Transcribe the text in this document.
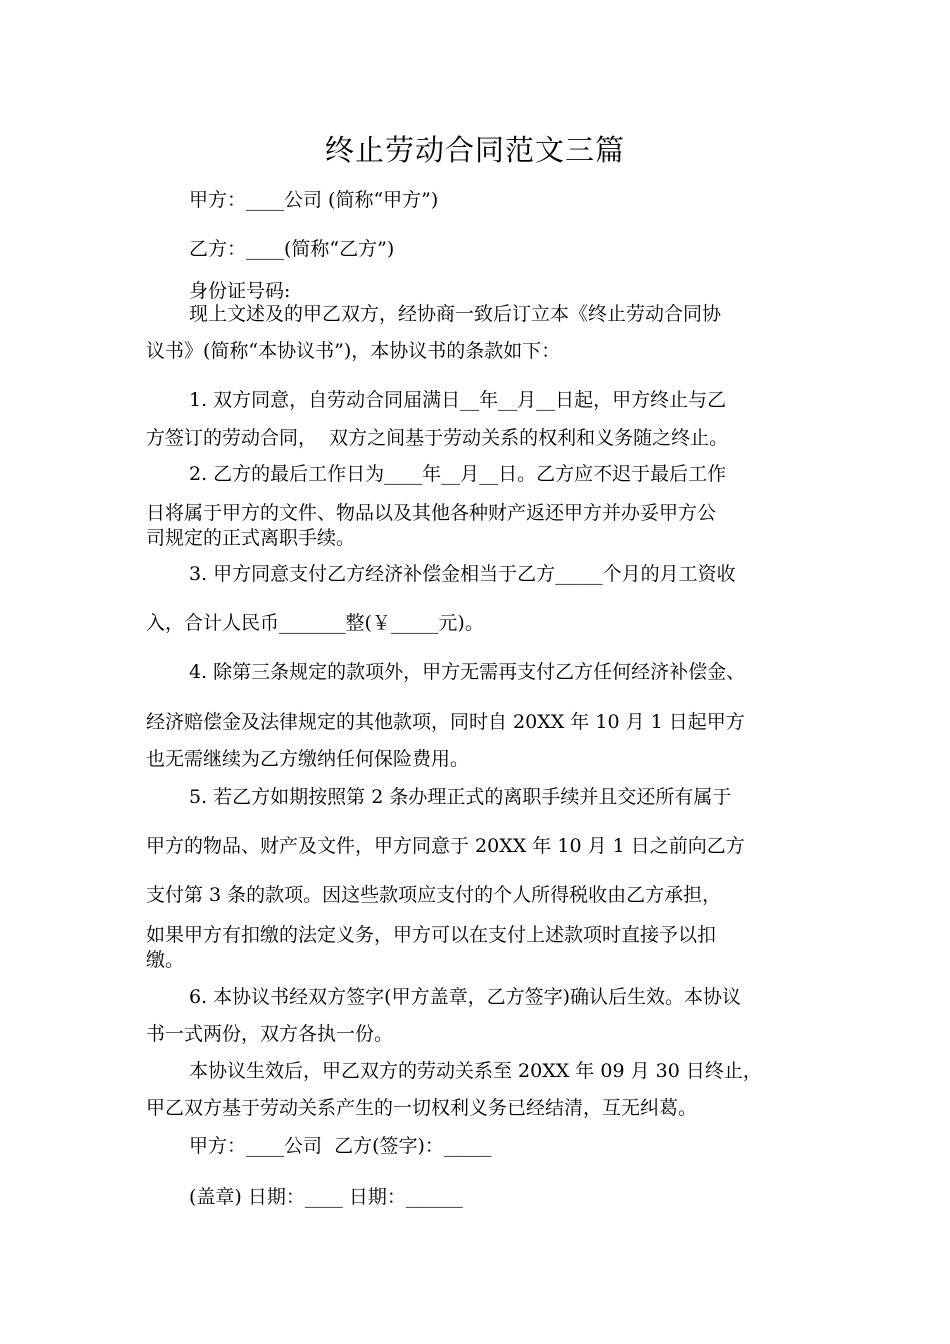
终止劳动合同范文三篇
甲方：____公司 (简称“甲方”)
乙方：____(简称“乙方”)
身份证号码:
现上文述及的甲乙双方，经协商一致后订立本《终止劳动合同协
议书》(简称“本协议书”)，本协议书的条款如下：
1. 双方同意，自劳动合同届满日__年__月__日起，甲方终止与乙
方签订的劳动合同，  双方之间基于劳动关系的权利和义务随之终止。
2. 乙方的最后工作日为____年__月__日。乙方应不迟于最后工作
日将属于甲方的文件、物品以及其他各种财产返还甲方并办妥甲方公
司规定的正式离职手续。
3. 甲方同意支付乙方经济补偿金相当于乙方_____个月的月工资收
入，合计人民币_______整(￥_____元)。
4. 除第三条规定的款项外，甲方无需再支付乙方任何经济补偿金、
经济赔偿金及法律规定的其他款项，同时自 20XX 年 10 月 1 日起甲方
也无需继续为乙方缴纳任何保险费用。
5. 若乙方如期按照第 2 条办理正式的离职手续并且交还所有属于
甲方的物品、财产及文件，甲方同意于 20XX 年 10 月 1 日之前向乙方
支付第 3 条的款项。因这些款项应支付的个人所得税收由乙方承担，
如果甲方有扣缴的法定义务，甲方可以在支付上述款项时直接予以扣
缴。
6. 本协议书经双方签字(甲方盖章，乙方签字)确认后生效。本协议
书一式两份，双方各执一份。
本协议生效后，甲乙双方的劳动关系至 20XX 年 09 月 30 日终止，
甲乙双方基于劳动关系产生的一切权利义务已经结清，互无纠葛。
甲方：____公司  乙方(签字)：_____
(盖章) 日期：____ 日期：______
